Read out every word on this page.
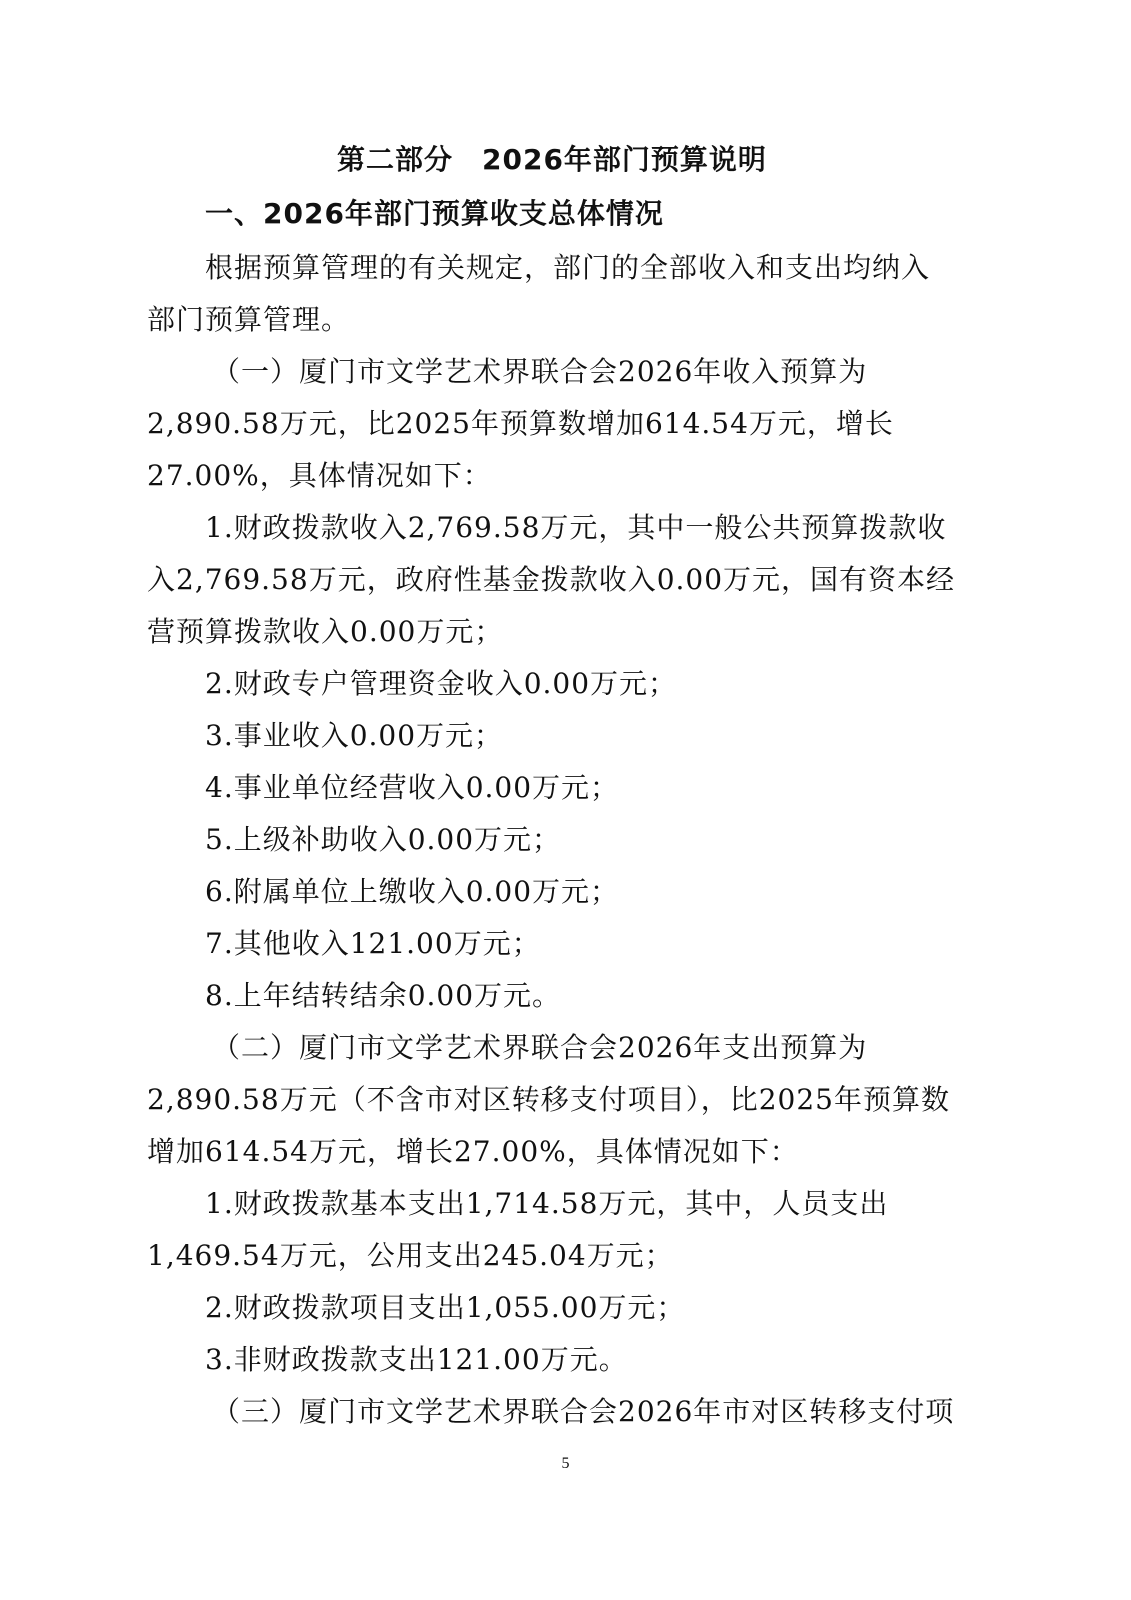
第二部分　2026年部门预算说明
一、2026年部门预算收支总体情况
根据预算管理的有关规定，部门的全部收入和支出均纳入
部门预算管理。
（一）厦门市文学艺术界联合会2026年收入预算为
2,890.58万元，比2025年预算数增加614.54万元，增长
27.00%，具体情况如下：
1.财政拨款收入2,769.58万元，其中一般公共预算拨款收
入2,769.58万元，政府性基金拨款收入0.00万元，国有资本经
营预算拨款收入0.00万元；
2.财政专户管理资金收入0.00万元；
3.事业收入0.00万元；
4.事业单位经营收入0.00万元；
5.上级补助收入0.00万元；
6.附属单位上缴收入0.00万元；
7.其他收入121.00万元；
8.上年结转结余0.00万元。
（二）厦门市文学艺术界联合会2026年支出预算为
2,890.58万元（不含市对区转移支付项目），比2025年预算数
增加614.54万元，增长27.00%，具体情况如下：
1.财政拨款基本支出1,714.58万元，其中，人员支出
1,469.54万元，公用支出245.04万元；
2.财政拨款项目支出1,055.00万元；
3.非财政拨款支出121.00万元。
（三）厦门市文学艺术界联合会2026年市对区转移支付项
5
